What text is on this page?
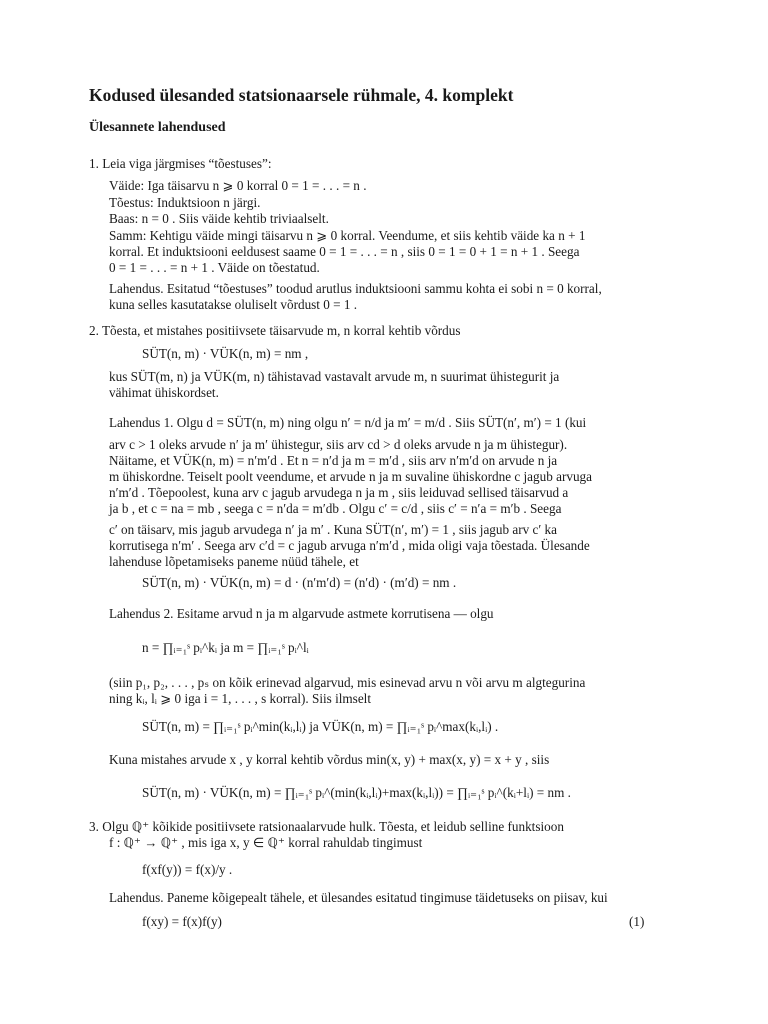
Kodused ülesanded statsionaarsele rühmale, 4. komplekt
Ülesannete lahendused
1. Leia viga järgmises “tõestuses”:
Väide: Iga täisarvu n ⩾ 0 korral 0 = 1 = . . . = n .
Tõestus: Induktsioon n järgi.
Baas: n = 0 . Siis väide kehtib triviaalselt.
Samm: Kehtigu väide mingi täisarvu n ⩾ 0 korral. Veendume, et siis kehtib väide ka n + 1
korral. Et induktsiooni eeldusest saame 0 = 1 = . . . = n , siis 0 = 1 = 0 + 1 = n + 1 . Seega
0 = 1 = . . . = n + 1 . Väide on tõestatud.
Lahendus. Esitatud “tõestuses” toodud arutlus induktsiooni sammu kohta ei sobi n = 0 korral,
kuna selles kasutatakse oluliselt võrdust 0 = 1 .
2. Tõesta, et mistahes positiivsete täisarvude m, n korral kehtib võrdus
SÜT(n, m) · VÜK(n, m) = nm ,
kus SÜT(m, n) ja VÜK(m, n) tähistavad vastavalt arvude m, n suurimat ühistegurit ja
vähimat ühiskordset.
Lahendus 1. Olgu d = SÜT(n, m) ning olgu n′ = n/d ja m′ = m/d . Siis SÜT(n′, m′) = 1 (kui
arv c > 1 oleks arvude n′ ja m′ ühistegur, siis arv cd > d oleks arvude n ja m ühistegur).
Näitame, et VÜK(n, m) = n′m′d . Et n = n′d ja m = m′d , siis arv n′m′d on arvude n ja
m ühiskordne. Teiselt poolt veendume, et arvude n ja m suvaline ühiskordne c jagub arvuga
n′m′d . Tõepoolest, kuna arv c jagub arvudega n ja m , siis leiduvad sellised täisarvud a
ja b , et c = na = mb , seega c = n′da = m′db . Olgu c′ = c/d , siis c′ = n′a = m′b . Seega
c′ on täisarv, mis jagub arvudega n′ ja m′ . Kuna SÜT(n′, m′) = 1 , siis jagub arv c′ ka
korrutisega n′m′ . Seega arv c′d = c jagub arvuga n′m′d , mida oligi vaja tõestada. Ülesande
lahenduse lõpetamiseks paneme nüüd tähele, et
SÜT(n, m) · VÜK(n, m) = d · (n′m′d) = (n′d) · (m′d) = nm .
Lahendus 2. Esitame arvud n ja m algarvude astmete korrutisena — olgu
n = ∏ᵢ₌₁ˢ pᵢ^kᵢ ja m = ∏ᵢ₌₁ˢ pᵢ^lᵢ
(siin p₁, p₂, . . . , pₛ on kõik erinevad algarvud, mis esinevad arvu n või arvu m algtegurina
ning kᵢ, lᵢ ⩾ 0 iga i = 1, . . . , s korral). Siis ilmselt
SÜT(n, m) = ∏ᵢ₌₁ˢ pᵢ^min(kᵢ,lᵢ) ja VÜK(n, m) = ∏ᵢ₌₁ˢ pᵢ^max(kᵢ,lᵢ) .
Kuna mistahes arvude x , y korral kehtib võrdus min(x, y) + max(x, y) = x + y , siis
SÜT(n, m) · VÜK(n, m) = ∏ᵢ₌₁ˢ pᵢ^(min(kᵢ,lᵢ)+max(kᵢ,lᵢ)) = ∏ᵢ₌₁ˢ pᵢ^(kᵢ+lᵢ) = nm .
3. Olgu ℚ⁺ kõikide positiivsete ratsionaalarvude hulk. Tõesta, et leidub selline funktsioon
f : ℚ⁺ → ℚ⁺ , mis iga x, y ∈ ℚ⁺ korral rahuldab tingimust
f(xf(y)) = f(x)/y .
Lahendus. Paneme kõigepealt tähele, et ülesandes esitatud tingimuse täidetuseks on piisav, kui
f(xy) = f(x)f(y)	(1)
